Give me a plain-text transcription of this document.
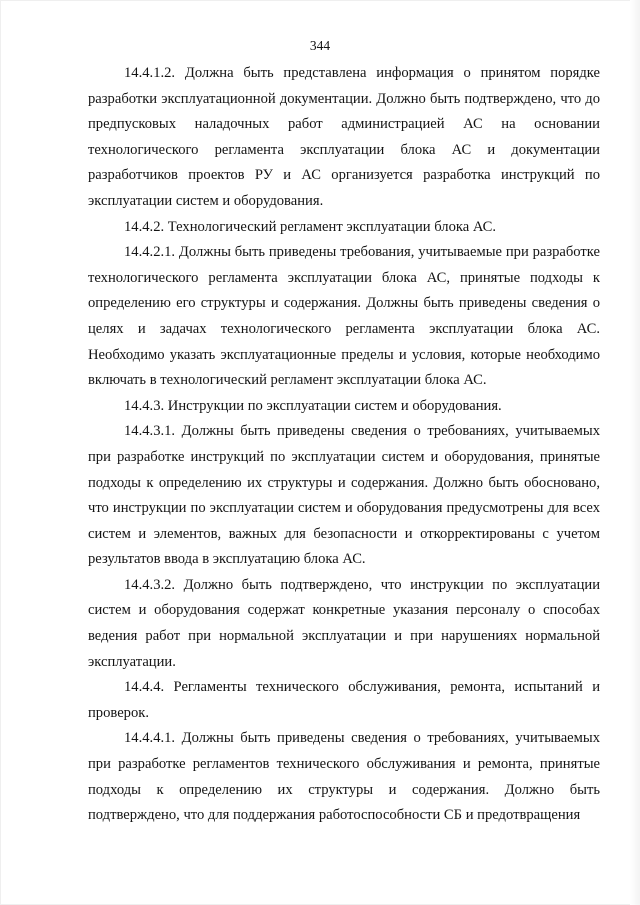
344

14.4.1.2. Должна быть представлена информация о принятом порядке разработки эксплуатационной документации. Должно быть подтверждено, что до предпусковых наладочных работ администрацией АС на основании технологического регламента эксплуатации блока АС и документации разработчиков проектов РУ и АС организуется разработка инструкций по эксплуатации систем и оборудования.

14.4.2. Технологический регламент эксплуатации блока АС.

14.4.2.1. Должны быть приведены требования, учитываемые при разработке технологического регламента эксплуатации блока АС, принятые подходы к определению его структуры и содержания. Должны быть приведены сведения о целях и задачах технологического регламента эксплуатации блока АС. Необходимо указать эксплуатационные пределы и условия, которые необходимо включать в технологический регламент эксплуатации блока АС.

14.4.3. Инструкции по эксплуатации систем и оборудования.

14.4.3.1. Должны быть приведены сведения о требованиях, учитываемых при разработке инструкций по эксплуатации систем и оборудования, принятые подходы к определению их структуры и содержания. Должно быть обосновано, что инструкции по эксплуатации систем и оборудования предусмотрены для всех систем и элементов, важных для безопасности и откорректированы с учетом результатов ввода в эксплуатацию блока АС.

14.4.3.2. Должно быть подтверждено, что инструкции по эксплуатации систем и оборудования содержат конкретные указания персоналу о способах ведения работ при нормальной эксплуатации и при нарушениях нормальной эксплуатации.

14.4.4. Регламенты технического обслуживания, ремонта, испытаний и проверок.

14.4.4.1. Должны быть приведены сведения о требованиях, учитываемых при разработке регламентов технического обслуживания и ремонта, принятые подходы к определению их структуры и содержания. Должно быть подтверждено, что для поддержания работоспособности СБ и предотвращения
